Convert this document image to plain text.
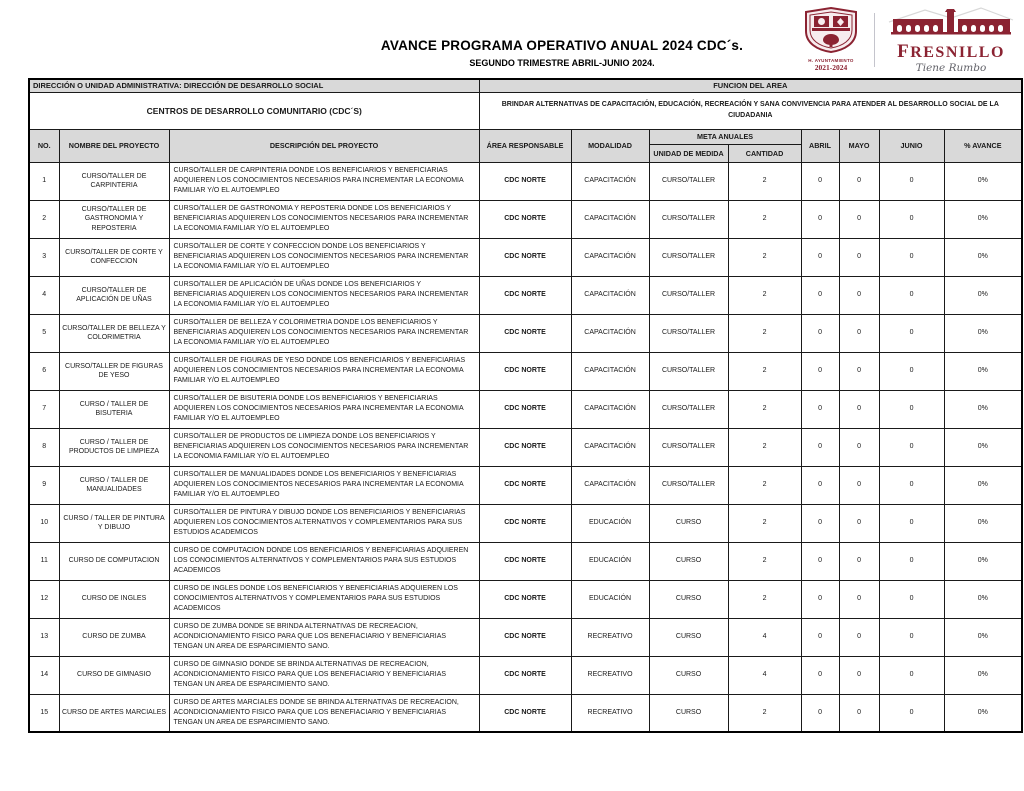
AVANCE PROGRAMA OPERATIVO ANUAL 2024 CDC´s.
SEGUNDO TRIMESTRE ABRIL-JUNIO 2024.	H. AYUNTAMIENTO
2021-2024
FRESNILLO
Tiene Rumbo
DIRECCIÓN O UNIDAD ADMINISTRATIVA: DIRECCIÓN DE DESARROLLO SOCIAL			FUNCION DEL AREA							
CENTROS DE DESARROLLO COMUNITARIO (CDC´S)			BRINDAR ALTERNATIVAS DE CAPACITACIÓN, EDUCACIÓN, RECREACIÓN Y SANA CONVIVENCIA PARA ATENDER AL DESARROLLO SOCIAL DE LA CIUDADANIA							
NO.	NOMBRE DEL PROYECTO	DESCRIPCIÓN DEL PROYECTO	ÁREA RESPONSABLE	MODALIDAD	META ANUALES		ABRIL	MAYO	JUNIO	% AVANCE
					UNIDAD DE MEDIDA	CANTIDAD				
1	CURSO/TALLER DE CARPINTERIA	CURSO/TALLER DE CARPINTERIA DONDE LOS BENEFICIARIOS Y BENEFICIARIAS ADQUIEREN LOS CONOCIMIENTOS NECESARIOS PARA INCREMENTAR LA ECONOMIA FAMILIAR Y/O EL AUTOEMPLEO	CDC NORTE	CAPACITACIÓN	CURSO/TALLER	2	0	0	0	0%
2	CURSO/TALLER DE GASTRONOMIA Y REPOSTERIA	CURSO/TALLER DE GASTRONOMIA Y REPOSTERIA DONDE LOS BENEFICIARIOS Y BENEFICIARIAS ADQUIEREN LOS CONOCIMIENTOS NECESARIOS PARA INCREMENTAR LA ECONOMIA FAMILIAR Y/O EL AUTOEMPLEO	CDC NORTE	CAPACITACIÓN	CURSO/TALLER	2	0	0	0	0%
3	CURSO/TALLER DE CORTE Y CONFECCION	CURSO/TALLER DE CORTE Y CONFECCION DONDE LOS BENEFICIARIOS Y BENEFICIARIAS ADQUIEREN LOS CONOCIMIENTOS NECESARIOS PARA INCREMENTAR LA ECONOMIA FAMILIAR Y/O EL AUTOEMPLEO	CDC NORTE	CAPACITACIÓN	CURSO/TALLER	2	0	0	0	0%
4	CURSO/TALLER DE APLICACIÓN DE UÑAS	CURSO/TALLER DE APLICACIÓN DE UÑAS DONDE LOS BENEFICIARIOS Y BENEFICIARIAS ADQUIEREN LOS CONOCIMIENTOS NECESARIOS PARA INCREMENTAR LA ECONOMIA FAMILIAR Y/O EL AUTOEMPLEO	CDC NORTE	CAPACITACIÓN	CURSO/TALLER	2	0	0	0	0%
5	CURSO/TALLER DE BELLEZA Y COLORIMETRIA	CURSO/TALLER DE BELLEZA Y COLORIMETRIA DONDE LOS BENEFICIARIOS Y BENEFICIARIAS ADQUIEREN LOS CONOCIMIENTOS NECESARIOS PARA INCREMENTAR LA ECONOMIA FAMILIAR Y/O EL AUTOEMPLEO	CDC NORTE	CAPACITACIÓN	CURSO/TALLER	2	0	0	0	0%
6	CURSO/TALLER DE FIGURAS DE YESO	CURSO/TALLER DE FIGURAS DE YESO DONDE LOS BENEFICIARIOS Y BENEFICIARIAS ADQUIEREN LOS CONOCIMIENTOS NECESARIOS PARA INCREMENTAR LA ECONOMIA FAMILIAR Y/O EL AUTOEMPLEO	CDC NORTE	CAPACITACIÓN	CURSO/TALLER	2	0	0	0	0%
7	CURSO / TALLER DE BISUTERIA	CURSO/TALLER DE BISUTERIA DONDE LOS BENEFICIARIOS Y BENEFICIARIAS ADQUIEREN LOS CONOCIMIENTOS NECESARIOS PARA INCREMENTAR LA ECONOMIA FAMILIAR Y/O EL AUTOEMPLEO	CDC NORTE	CAPACITACIÓN	CURSO/TALLER	2	0	0	0	0%
8	CURSO / TALLER DE PRODUCTOS DE LIMPIEZA	CURSO/TALLER DE PRODUCTOS DE LIMPIEZA DONDE LOS BENEFICIARIOS Y BENEFICIARIAS ADQUIEREN LOS CONOCIMIENTOS NECESARIOS PARA INCREMENTAR LA ECONOMIA FAMILIAR Y/O EL AUTOEMPLEO	CDC NORTE	CAPACITACIÓN	CURSO/TALLER	2	0	0	0	0%
9	CURSO / TALLER DE MANUALIDADES	CURSO/TALLER DE MANUALIDADES DONDE LOS BENEFICIARIOS Y BENEFICIARIAS ADQUIEREN LOS CONOCIMIENTOS NECESARIOS PARA INCREMENTAR LA ECONOMIA FAMILIAR Y/O EL AUTOEMPLEO	CDC NORTE	CAPACITACIÓN	CURSO/TALLER	2	0	0	0	0%
10	CURSO / TALLER DE PINTURA Y DIBUJO	CURSO/TALLER DE PINTURA Y DIBUJO DONDE LOS BENEFICIARIOS Y BENEFICIARIAS ADQUIEREN LOS CONOCIMIENTOS ALTERNATIVOS Y COMPLEMENTARIOS PARA SUS ESTUDIOS ACADEMICOS	CDC NORTE	EDUCACIÓN	CURSO	2	0	0	0	0%
11	CURSO DE COMPUTACION	CURSO DE COMPUTACION DONDE LOS BENEFICIARIOS Y BENEFICIARIAS ADQUIEREN LOS CONOCIMIENTOS ALTERNATIVOS Y COMPLEMENTARIOS PARA SUS ESTUDIOS ACADEMICOS	CDC NORTE	EDUCACIÓN	CURSO	2	0	0	0	0%
12	CURSO DE INGLES	CURSO DE INGLES DONDE LOS BENEFICIARIOS Y BENEFICIARIAS ADQUIEREN LOS CONOCIMIENTOS ALTERNATIVOS Y COMPLEMENTARIOS PARA SUS ESTUDIOS ACADEMICOS	CDC NORTE	EDUCACIÓN	CURSO	2	0	0	0	0%
13	CURSO DE ZUMBA	CURSO DE ZUMBA DONDE SE BRINDA ALTERNATIVAS DE RECREACION, ACONDICIONAMIENTO FISICO PARA QUE LOS BENEFIACIARIO Y BENEFICIARIAS TENGAN UN AREA DE ESPARCIMIENTO SANO.	CDC NORTE	RECREATIVO	CURSO	4	0	0	0	0%
14	CURSO DE GIMNASIO	CURSO DE GIMNASIO DONDE SE BRINDA ALTERNATIVAS DE RECREACION, ACONDICIONAMIENTO FISICO PARA QUE LOS BENEFIACIARIO Y BENEFICIARIAS TENGAN UN AREA DE ESPARCIMIENTO SANO.	CDC NORTE	RECREATIVO	CURSO	4	0	0	0	0%
15	CURSO DE ARTES MARCIALES	CURSO DE ARTES MARCIALES DONDE SE BRINDA ALTERNATIVAS DE RECREACION, ACONDICIONAMIENTO FISICO PARA QUE LOS BENEFIACIARIO Y BENEFICIARIAS TENGAN UN AREA DE ESPARCIMIENTO SANO.	CDC NORTE	RECREATIVO	CURSO	2	0	0	0	0%
